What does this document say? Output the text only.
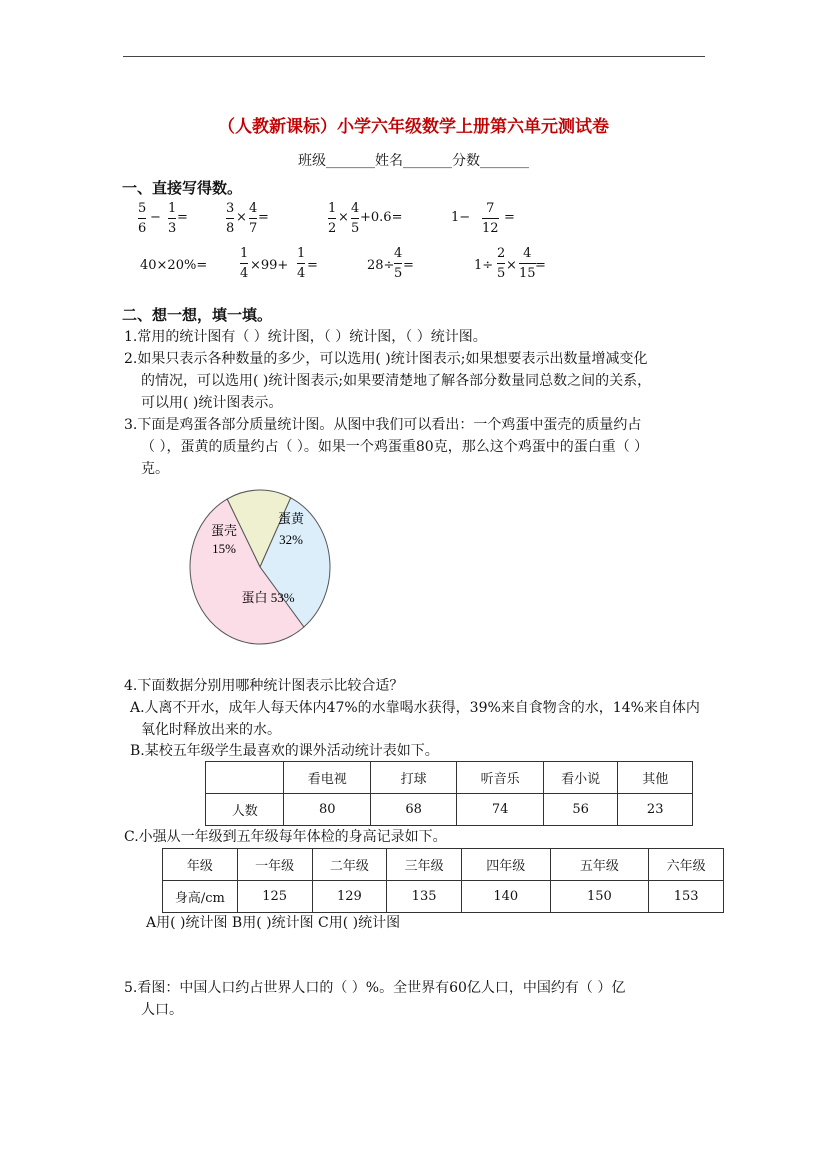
（人教新课标）小学六年级数学上册第六单元测试卷
班级_______姓名_______分数_______
一、直接写得数。
5
6
−
1
3
=
3
8
×
4
7
=
1
2
×
4
5
+0.6=	1−
7
12
=
40×20%=
1
4
×99+
1
4
=	28÷
4
5
=	1÷
2
5
×
4
15
=
二、想一想，填一填。
1.常用的统计图有（ ）统计图，（ ）统计图，（ ）统计图。
2.如果只表示各种数量的多少，可以选用( )统计图表示;如果想要表示出数量增减变化
的情况，可以选用( )统计图表示;如果要清楚地了解各部分数量同总数之间的关系，
可以用( )统计图表示。
3.下面是鸡蛋各部分质量统计图。从图中我们可以看出：一个鸡蛋中蛋壳的质量约占
（ ），蛋黄的质量约占（ ）。如果一个鸡蛋重80克，那么这个鸡蛋中的蛋白重（ ）
克。
蛋壳
15%
蛋黄
32%
蛋白 53%
4.下面数据分别用哪种统计图表示比较合适？
A.人离不开水，成年人每天体内47%的水靠喝水获得，39%来自食物含的水，14%来自体内
氧化时释放出来的水。
B.某校五年级学生最喜欢的课外活动统计表如下。
	看电视	打球	听音乐	看小说	其他
人数	80	68	74	56	23
C.小强从一年级到五年级每年体检的身高记录如下。
年级	一年级	二年级	三年级	四年级	五年级	六年级
身高/cm	125	129	135	140	150	153
A用( )统计图 B用( )统计图 C用( )统计图
5.看图：中国人口约占世界人口的（ ）%。全世界有60亿人口，中国约有（ ）亿
人口。
